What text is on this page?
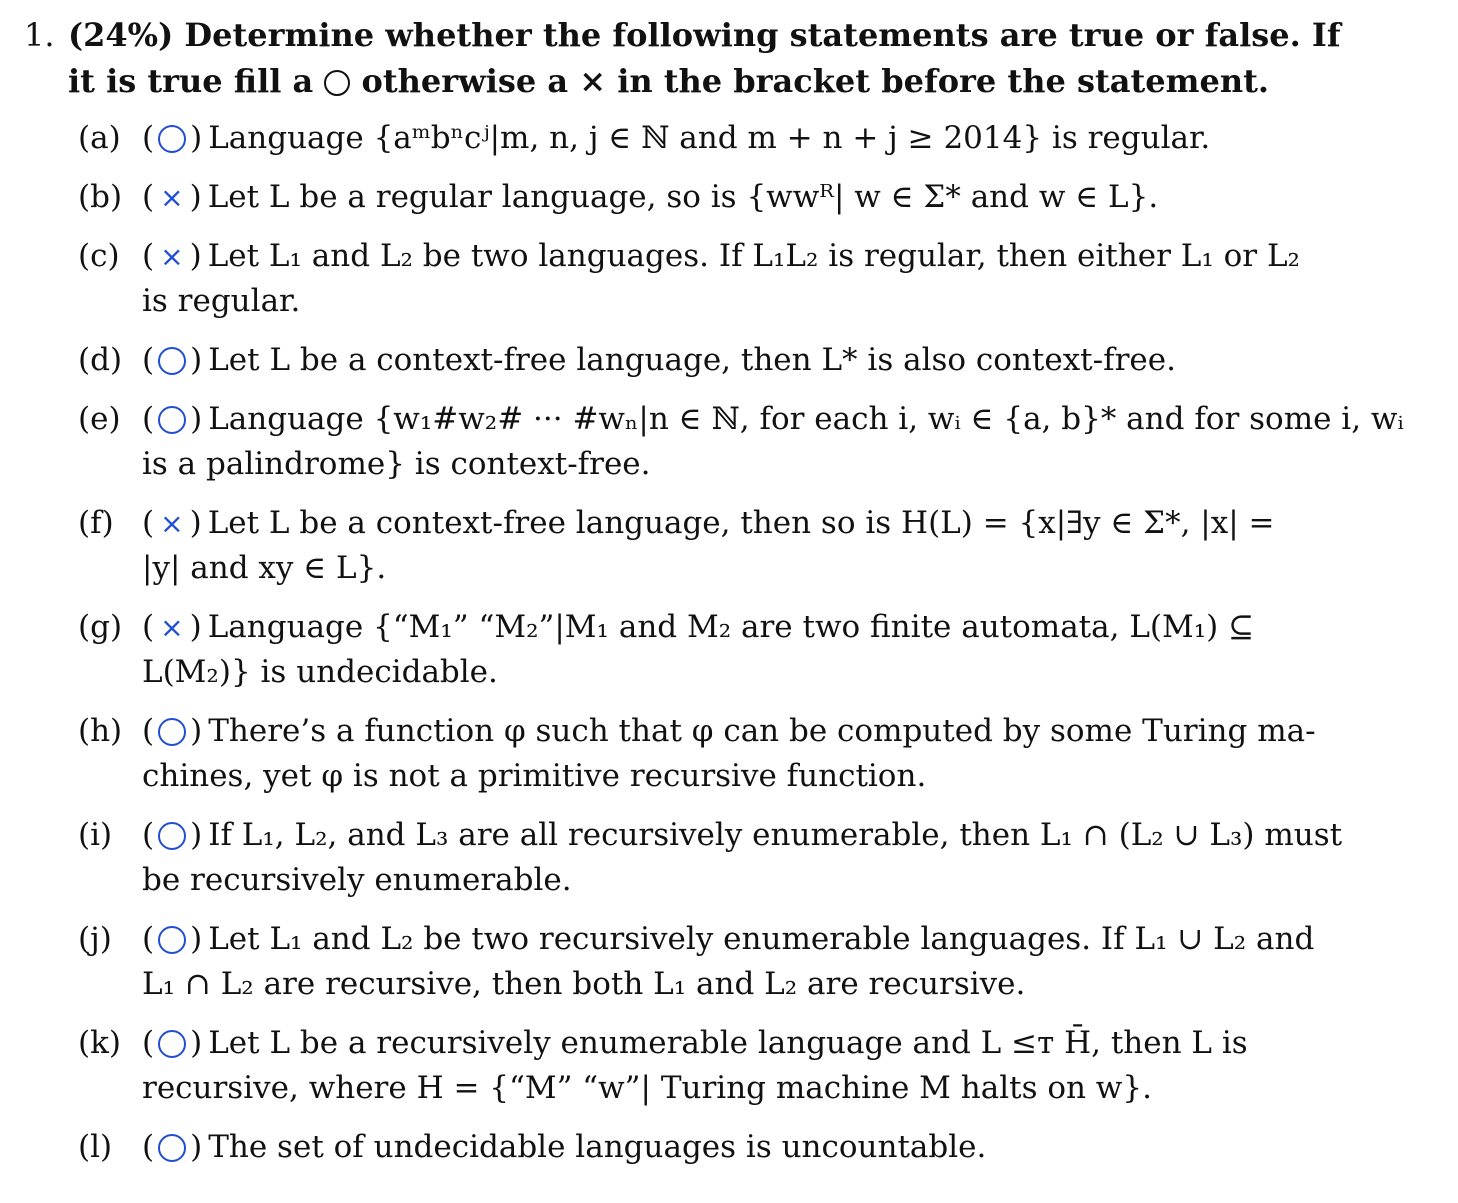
1. (24%) Determine whether the following statements are true or false. If
it is true fill a otherwise a × in the bracket before the statement.
(a) ( ) Language {aᵐbⁿcʲ|m, n, j ∈ ℕ and m + n + j ≥ 2014} is regular.
(b) ( × ) Let L be a regular language, so is {wwᴿ| w ∈ Σ* and w ∈ L}.
(c) ( × ) Let L₁ and L₂ be two languages. If L₁L₂ is regular, then either L₁ or L₂
is regular.
(d) ( ) Let L be a context-free language, then L* is also context-free.
(e) ( ) Language {w₁#w₂# ··· #wₙ|n ∈ ℕ, for each i, wᵢ ∈ {a, b}* and for some i, wᵢ
is a palindrome} is context-free.
(f) ( × ) Let L be a context-free language, then so is H(L) = {x|∃y ∈ Σ*, |x| =
|y| and xy ∈ L}.
(g) ( × ) Language {“M₁” “M₂”|M₁ and M₂ are two finite automata, L(M₁) ⊆
L(M₂)} is undecidable.
(h) ( ) There’s a function φ such that φ can be computed by some Turing ma-
chines, yet φ is not a primitive recursive function.
(i) ( ) If L₁, L₂, and L₃ are all recursively enumerable, then L₁ ∩ (L₂ ∪ L₃) must
be recursively enumerable.
(j) ( ) Let L₁ and L₂ be two recursively enumerable languages. If L₁ ∪ L₂ and
L₁ ∩ L₂ are recursive, then both L₁ and L₂ are recursive.
(k) ( ) Let L be a recursively enumerable language and L ≤ᴛ H̄, then L is
recursive, where H = {“M” “w”| Turing machine M halts on w}.
(l) ( ) The set of undecidable languages is uncountable.
